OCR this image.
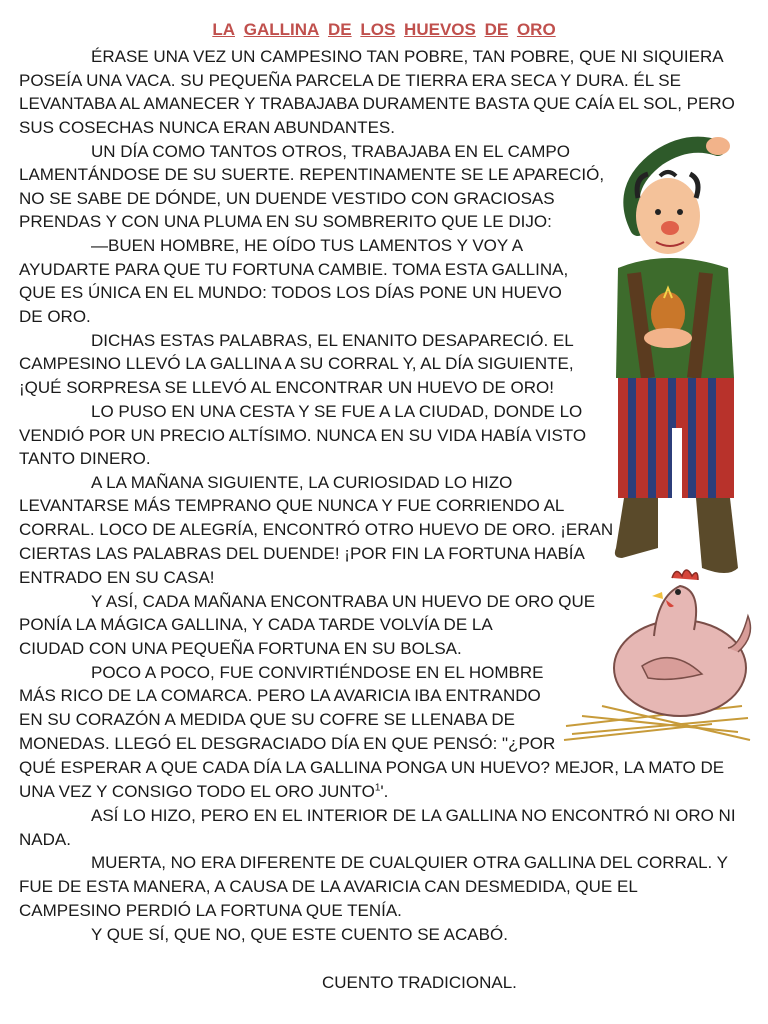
LA GALLINA DE LOS HUEVOS DE ORO
ÉRASE UNA VEZ UN CAMPESINO TAN POBRE, TAN POBRE, QUE NI SIQUIERA
POSEÍA UNA VACA. SU PEQUEÑA PARCELA DE TIERRA ERA SECA Y DURA. ÉL SE
LEVANTABA AL AMANECER Y TRABAJABA DURAMENTE BASTA QUE CAÍA EL SOL, PERO
SUS COSECHAS NUNCA ERAN ABUNDANTES.
UN DÍA COMO TANTOS OTROS, TRABAJABA EN EL CAMPO
LAMENTÁNDOSE DE SU SUERTE. REPENTINAMENTE SE LE APARECIÓ,
NO SE SABE DE DÓNDE, UN DUENDE VESTIDO CON GRACIOSAS
PRENDAS Y CON UNA PLUMA EN SU SOMBRERITO QUE LE DIJO:
—BUEN HOMBRE, HE OÍDO TUS LAMENTOS Y VOY A
AYUDARTE PARA QUE TU FORTUNA CAMBIE. TOMA ESTA GALLINA,
QUE ES ÚNICA EN EL MUNDO: TODOS LOS DÍAS PONE UN HUEVO
DE ORO.
DICHAS ESTAS PALABRAS, EL ENANITO DESAPARECIÓ. EL
CAMPESINO LLEVÓ LA GALLINA A SU CORRAL Y, AL DÍA SIGUIENTE,
¡QUÉ SORPRESA SE LLEVÓ AL ENCONTRAR UN HUEVO DE ORO!
LO PUSO EN UNA CESTA Y SE FUE A LA CIUDAD, DONDE LO
VENDIÓ POR UN PRECIO ALTÍSIMO. NUNCA EN SU VIDA HABÍA VISTO
TANTO DINERO.
A LA MAÑANA SIGUIENTE, LA CURIOSIDAD LO HIZO
LEVANTARSE MÁS TEMPRANO QUE NUNCA Y FUE CORRIENDO AL
CORRAL. LOCO DE ALEGRÍA, ENCONTRÓ OTRO HUEVO DE ORO. ¡ERAN
CIERTAS LAS PALABRAS DEL DUENDE! ¡POR FIN LA FORTUNA HABÍA
ENTRADO EN SU CASA!
Y ASÍ, CADA MAÑANA ENCONTRABA UN HUEVO DE ORO QUE
PONÍA LA MÁGICA GALLINA, Y CADA TARDE VOLVÍA DE LA
CIUDAD CON UNA PEQUEÑA FORTUNA EN SU BOLSA.
POCO A POCO, FUE CONVIRTIÉNDOSE EN EL HOMBRE
MÁS RICO DE LA COMARCA. PERO LA AVARICIA IBA ENTRANDO
EN SU CORAZÓN A MEDIDA QUE SU COFRE SE LLENABA DE
MONEDAS. LLEGÓ EL DESGRACIADO DÍA EN QUE PENSÓ: "¿POR
QUÉ ESPERAR A QUE CADA DÍA LA GALLINA PONGA UN HUEVO? MEJOR, LA MATO DE
UNA VEZ Y CONSIGO TODO EL ORO JUNTO$^1$'.
ASÍ LO HIZO, PERO EN EL INTERIOR DE LA GALLINA NO ENCONTRÓ NI ORO NI
NADA.
MUERTA, NO ERA DIFERENTE DE CUALQUIER OTRA GALLINA DEL CORRAL. Y
FUE DE ESTA MANERA, A CAUSA DE LA AVARICIA CAN DESMEDIDA, QUE EL
CAMPESINO PERDIÓ LA FORTUNA QUE TENÍA.
Y QUE SÍ, QUE NO, QUE ESTE CUENTO SE ACABÓ.
CUENTO TRADICIONAL.
